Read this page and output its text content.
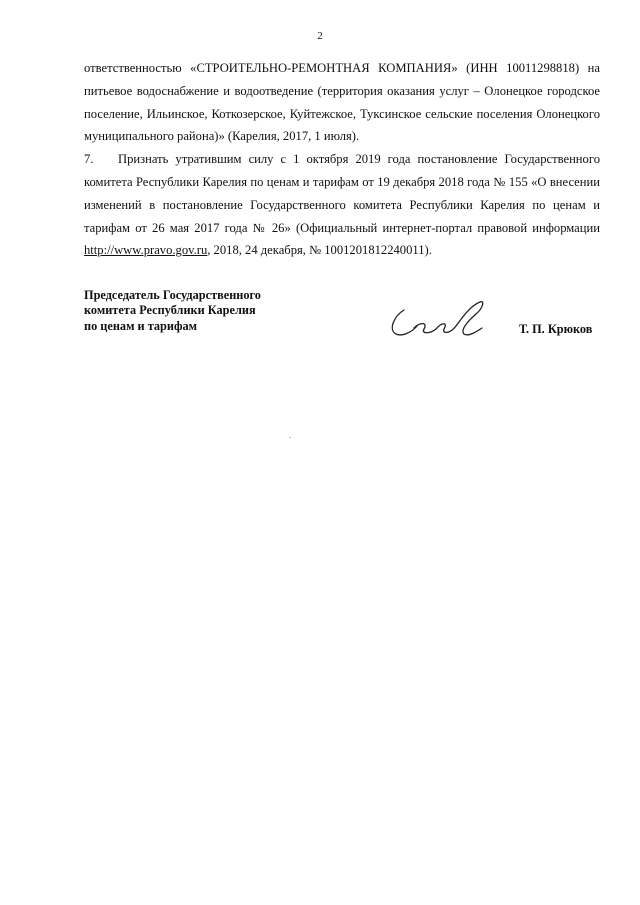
2

ответственностью «СТРОИТЕЛЬНО-РЕМОНТНАЯ КОМПАНИЯ» (ИНН 10011298818) на питьевое водоснабжение и водоотведение (территория оказания услуг – Олонецкое городское поселение, Ильинское, Коткозерское, Куйтежское, Туксинское сельские поселения Олонецкого муниципального района)» (Карелия, 2017, 1 июля).

7. Признать утратившим силу с 1 октября 2019 года постановление Государственного комитета Республики Карелия по ценам и тарифам от 19 декабря 2018 года № 155 «О внесении изменений в постановление Государственного комитета Республики Карелия по ценам и тарифам от 26 мая 2017 года № 26» (Официальный интернет-портал правовой информации http://www.pravo.gov.ru, 2018, 24 декабря, № 1001201812240011).

Председатель Государственного
комитета Республики Карелия
по ценам и тарифам	Т. П. Крюков
